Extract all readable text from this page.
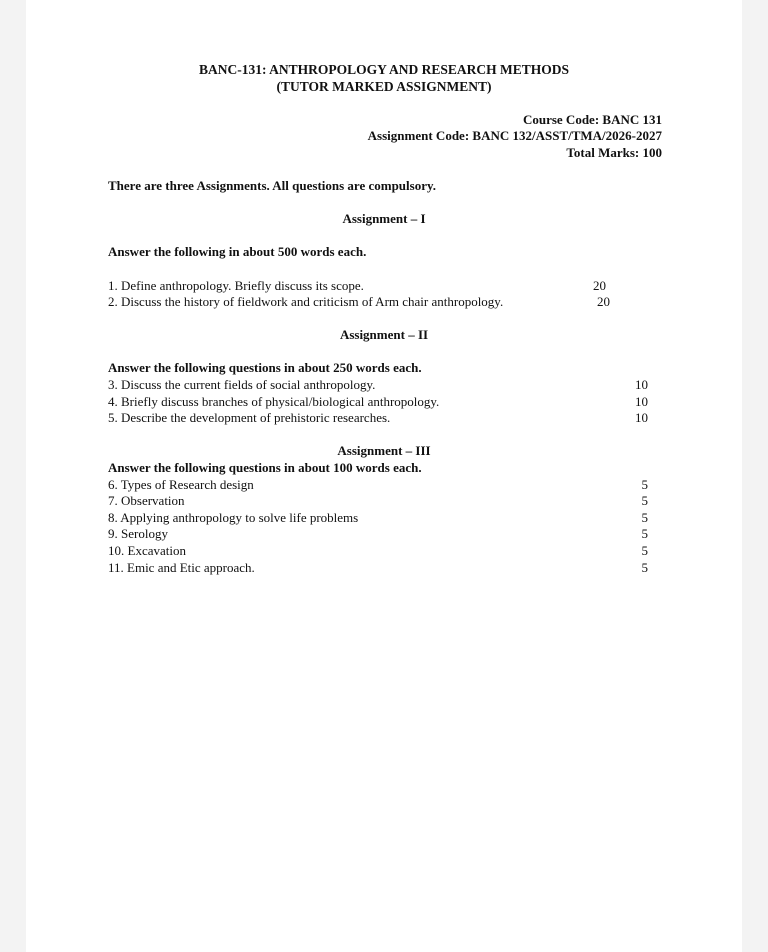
BANC-131: ANTHROPOLOGY AND RESEARCH METHODS
(TUTOR MARKED ASSIGNMENT)
Course Code: BANC 131
Assignment Code: BANC 132/ASST/TMA/2026-2027
Total Marks: 100
There are three Assignments. All questions are compulsory.
Assignment – I
Answer the following in about 500 words each.
1. Define anthropology. Briefly discuss its scope.	20
2. Discuss the history of fieldwork and criticism of Arm chair anthropology.	20
Assignment – II
Answer the following questions in about 250 words each.
3. Discuss the current fields of social anthropology.	10
4. Briefly discuss branches of physical/biological anthropology.	10
5. Describe the development of prehistoric researches.	10
Assignment – III
Answer the following questions in about 100 words each.
6. Types of Research design	5
7. Observation	5
8. Applying anthropology to solve life problems	5
9. Serology	5
10. Excavation	5
11. Emic and Etic approach.	5
